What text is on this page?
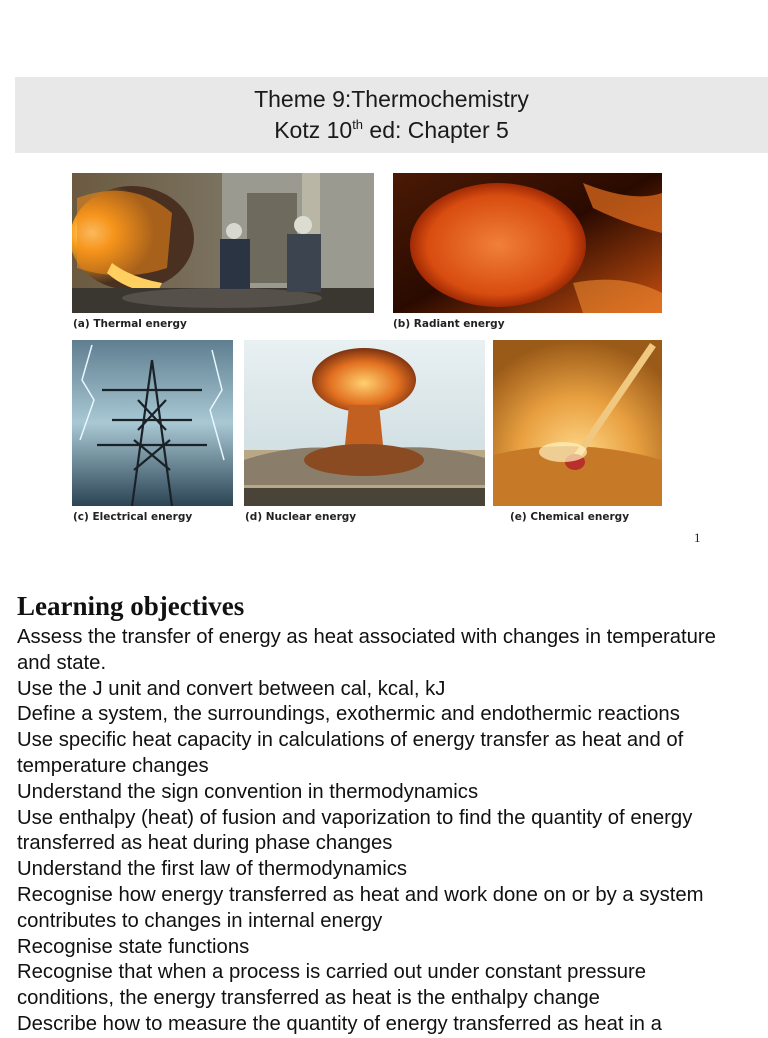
Theme 9:Thermochemistry
Kotz 10th ed: Chapter 5
(a) Thermal energy	(b) Radiant energy
(c) Electrical energy	(d) Nuclear energy	(e) Chemical energy
1
Learning objectives
Assess the transfer of energy as heat associated with changes in temperature
and state.
Use the J unit and convert between cal, kcal, kJ
Define a system, the surroundings, exothermic and endothermic reactions
Use specific heat capacity in calculations of energy transfer as heat and of
temperature changes
Understand the sign convention in thermodynamics
Use enthalpy (heat) of fusion and vaporization to find the quantity of energy
transferred as heat during phase changes
Understand the first law of thermodynamics
Recognise how energy transferred as heat and work done on or by a system
contributes to changes in internal energy
Recognise state functions
Recognise that when a process is carried out under constant pressure
conditions, the energy transferred as heat is the enthalpy change
Describe how to measure the quantity of energy transferred as heat in a
